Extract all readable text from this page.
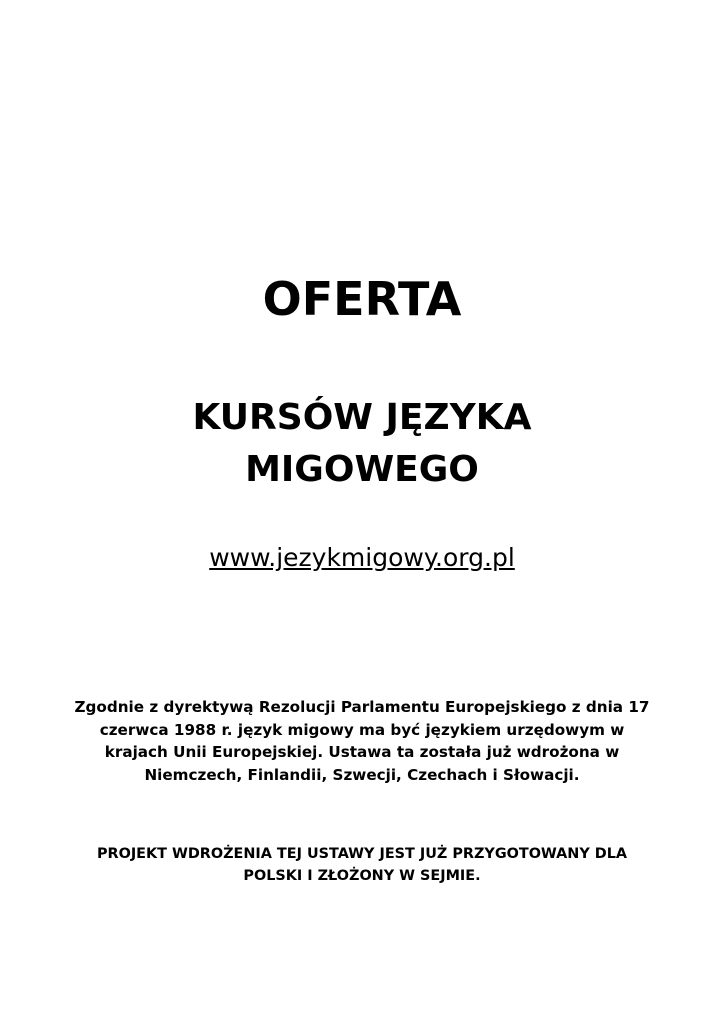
OFERTA
KURSÓW JĘZYKA
MIGOWEGO
www.jezykmigowy.org.pl
Zgodnie z dyrektywą Rezolucji Parlamentu Europejskiego z dnia 17
czerwca 1988 r. język migowy ma być językiem urzędowym w
krajach Unii Europejskiej. Ustawa ta została już wdrożona w
Niemczech, Finlandii, Szwecji, Czechach i Słowacji.
PROJEKT WDROŻENIA TEJ USTAWY JEST JUŻ PRZYGOTOWANY DLA
POLSKI I ZŁOŻONY W SEJMIE.
